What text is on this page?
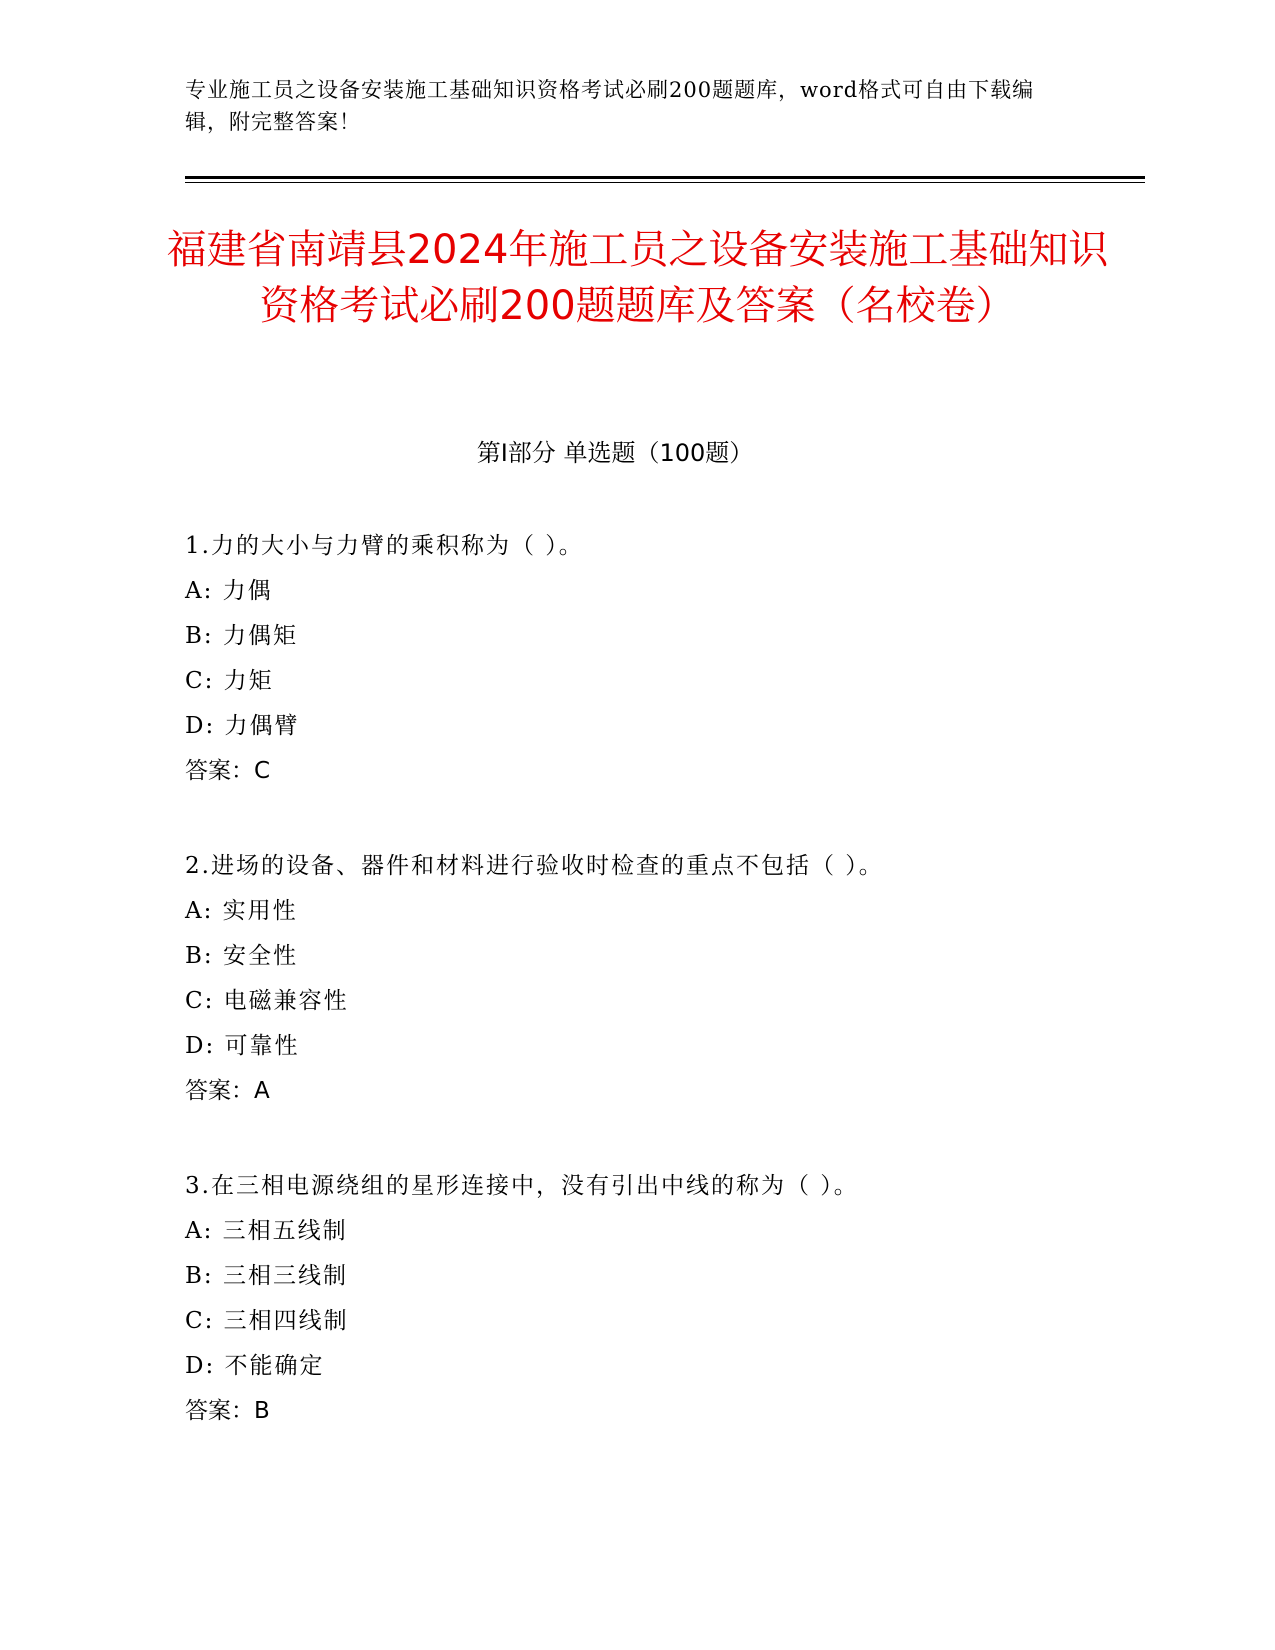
专业施工员之设备安装施工基础知识资格考试必刷200题题库，word格式可自由下载编辑，附完整答案！
福建省南靖县2024年施工员之设备安装施工基础知识资格考试必刷200题题库及答案（名校卷）
第Ⅰ部分 单选题（100题）
1.力的大小与力臂的乘积称为（ ）。
A: 力偶
B: 力偶矩
C: 力矩
D: 力偶臂
答案：C
2.进场的设备、器件和材料进行验收时检查的重点不包括（ ）。
A: 实用性
B: 安全性
C: 电磁兼容性
D: 可靠性
答案：A
3.在三相电源绕组的星形连接中，没有引出中线的称为（ ）。
A: 三相五线制
B: 三相三线制
C: 三相四线制
D: 不能确定
答案：B
